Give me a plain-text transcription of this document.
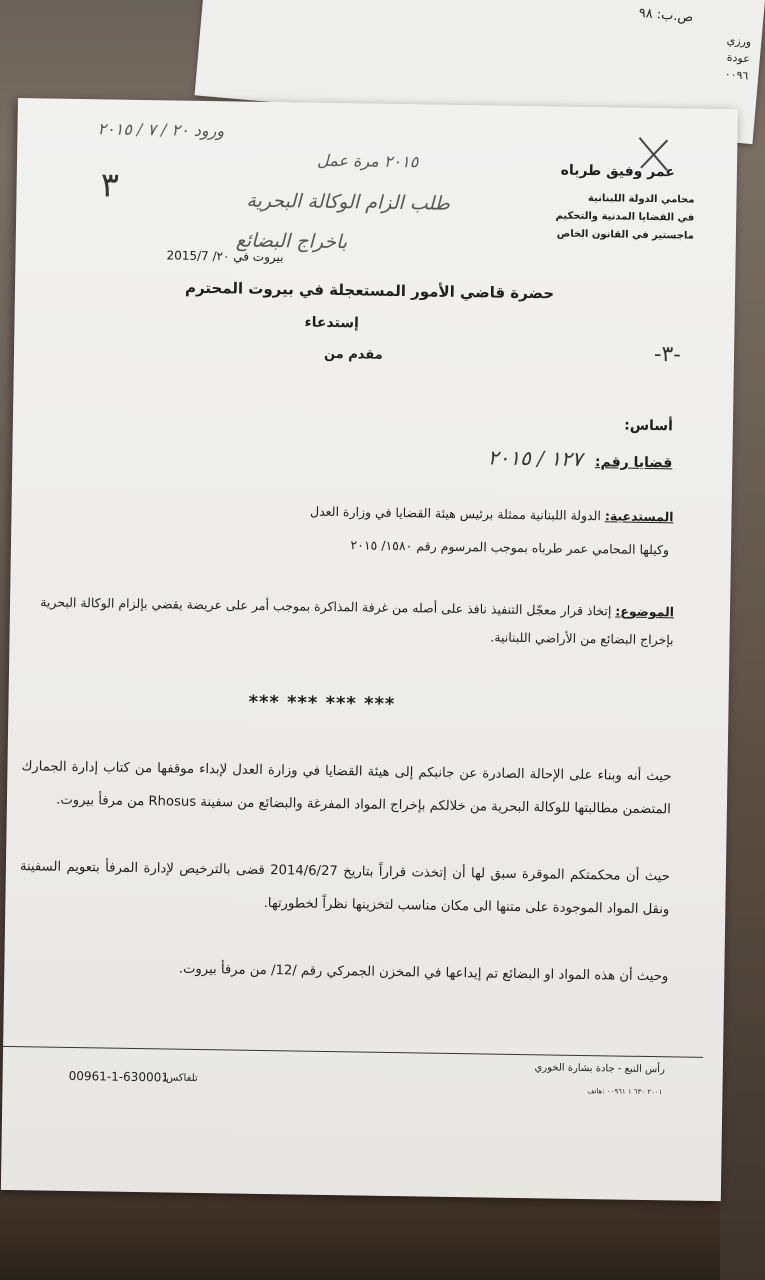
ص.ب: ٩٨
ورزي
عودة
٠٠٩٦
عمر وفيق طرباه
محامي الدولة اللبنانية
في القضايا المدنية والتحكيم
ماجستير في القانون الخاص
ورود ٢٠ / ٧ / ٢٠١٥
٢٠١٥ مرة عمل
طلب الزام الوكالة البحرية
باخراج البضائع
٣
-٣-
بيروت في ٢٠/ 2015/7
حضرة قاضي الأمور المستعجلة في بيروت المحترم
إستدعاء
مقدم من
أساس:
قضايا رقم: ١٢٧ / ٢٠١٥
المستدعية: الدولة اللبنانية ممثلة برئيس هيئة القضايا في وزارة العدل
وكيلها المحامي عمر طرباه بموجب المرسوم رقم ١٥٨٠/ ٢٠١٥
الموضوع: إتخاذ قرار معجّل التنفيذ نافذ على أصله من غرفة المذاكرة بموجب أمر على عريضة يقضي بإلزام الوكالة البحرية بإخراج البضائع من الأراضي اللبنانية.
*** *** *** ***
حيث أنه وبناء على الإحالة الصادرة عن جانبكم إلى هيئة القضايا في وزارة العدل لإبداء موقفها من كتاب إدارة الجمارك المتضمن مطالبتها للوكالة البحرية من خلالكم بإخراج المواد المفرغة والبضائع من سفينة Rhosus من مرفأ بيروت.
حيث أن محكمتكم الموقرة سبق لها أن إتخذت قراراً بتاريخ 2014/6/27 قضى بالترخيص لإدارة المرفأ بتعويم السفينة ونقل المواد الموجودة على متنها الى مكان مناسب لتخزينها نظراً لخطورتها.
وحيث أن هذه المواد او البضائع تم إيداعها في المخزن الجمركي رقم /12/ من مرفأ بيروت.
رأس النبع - جادة بشارة الخوري
٢٠٠١ ٦٣٠ ١ ٠٠٩٦١ :هاتف
تلفاكس:
00961-1-630001
